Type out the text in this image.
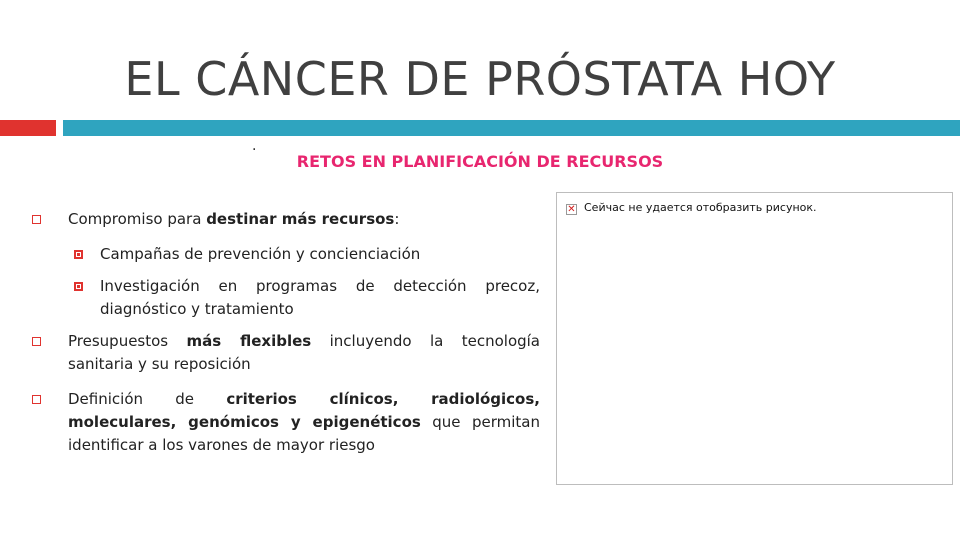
EL CÁNCER DE PRÓSTATA HOY
.
RETOS EN PLANIFICACIÓN DE RECURSOS
Compromiso para destinar más recursos:
Campañas de prevención y concienciación
Investigación en programas de detección precoz, diagnóstico y tratamiento
Presupuestos más flexibles incluyendo la tecnología sanitaria y su reposición
Definición de criterios clínicos, radiológicos, moleculares, genómicos y epigenéticos que permitan identificar a los varones de mayor riesgo
✕ Сейчас не удается отобразить рисунок.
